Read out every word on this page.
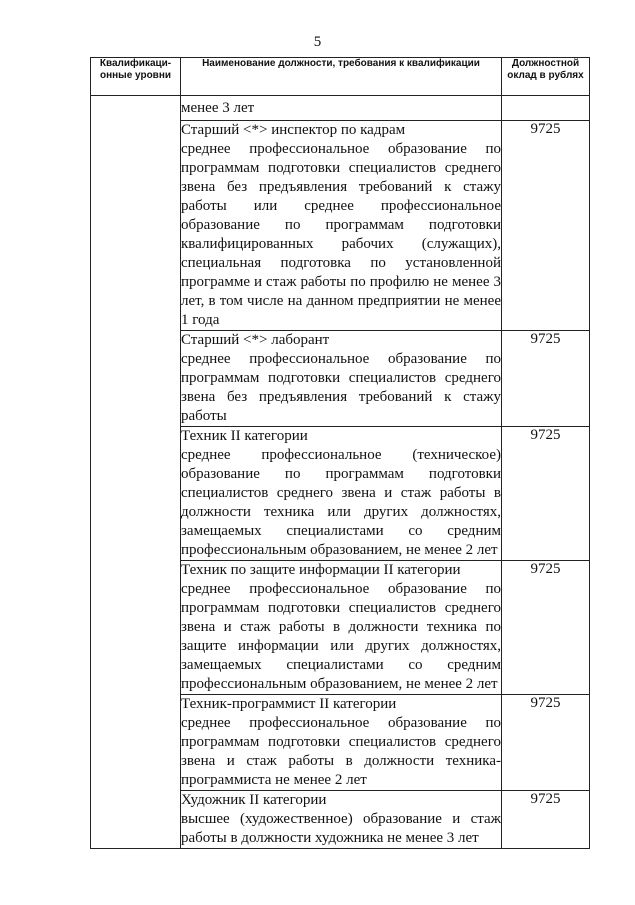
5
Квалификаци-
онные уровни	Наименование должности, требования к квалификации	Должностной
оклад в рублях
	менее 3 лет	

	Старший <*> инспектор по кадрам
среднее профессиональное образование по программам подготовки специалистов среднего звена без предъявления требований к стажу работы или среднее профессиональное образование по программам подготовки квалифицированных рабочих (служащих), специальная подготовка по установленной программе и стаж работы по профилю не менее 3 лет, в том числе на данном предприятии не менее 1 года	9725

	Старший <*> лаборант
среднее профессиональное образование по программам подготовки специалистов среднего звена без предъявления требований к стажу работы	9725

	Техник II категории
среднее профессиональное (техническое) образование по программам подготовки специалистов среднего звена и стаж работы в должности техника или других должностях, замещаемых специалистами со средним профессиональным образованием, не менее 2 лет	9725

	Техник по защите информации II категории
среднее профессиональное образование по программам подготовки специалистов среднего звена и стаж работы в должности техника по защите информации или других должностях, замещаемых специалистами со средним профессиональным образованием, не менее 2 лет	9725

	Техник-программист II категории
среднее профессиональное образование по программам подготовки специалистов среднего звена и стаж работы в должности техника-программиста не менее 2 лет	9725

	Художник II категории
высшее (художественное) образование и стаж работы в должности художника не менее 3 лет	9725
